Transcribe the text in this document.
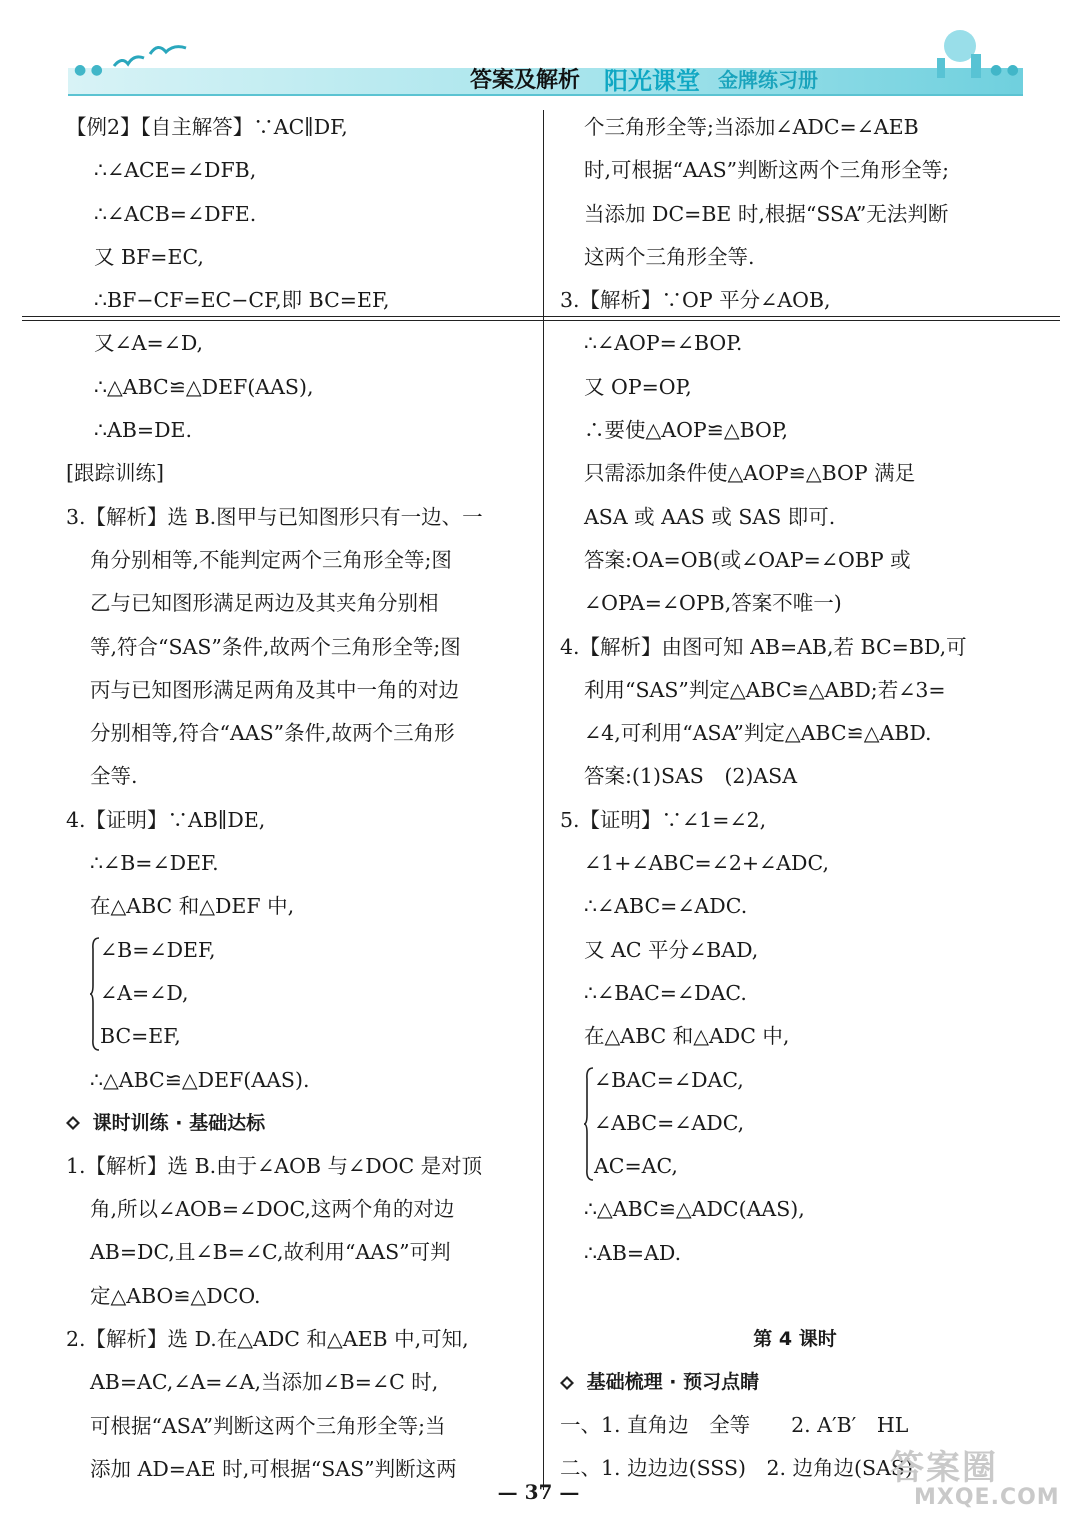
● ●	● ●
答案及解析 阳光课堂 金牌练习册
【例2】【自主解答】∵AC∥DF,
∴∠ACE=∠DFB,
∴∠ACB=∠DFE.
又 BF=EC,
∴BF−CF=EC−CF,即 BC=EF,
又∠A=∠D,
∴△ABC≌△DEF(AAS),
∴AB=DE.
[跟踪训练]
3.【解析】选 B.图甲与已知图形只有一边、一
角分别相等,不能判定两个三角形全等;图
乙与已知图形满足两边及其夹角分别相
等,符合“SAS”条件,故两个三角形全等;图
丙与已知图形满足两角及其中一角的对边
分别相等,符合“AAS”条件,故两个三角形
全等.
4.【证明】∵AB∥DE,
∴∠B=∠DEF.
在△ABC 和△DEF 中,
∠B=∠DEF,
∠A=∠D,
BC=EF,
∴△ABC≌△DEF(AAS).
课时训练 · 基础达标
1.【解析】选 B.由于∠AOB 与∠DOC 是对顶
角,所以∠AOB=∠DOC,这两个角的对边
AB=DC,且∠B=∠C,故利用“AAS”可判
定△ABO≌△DCO.
2.【解析】选 D.在△ADC 和△AEB 中,可知,
AB=AC,∠A=∠A,当添加∠B=∠C 时,
可根据“ASA”判断这两个三角形全等;当
添加 AD=AE 时,可根据“SAS”判断这两
个三角形全等;当添加∠ADC=∠AEB
时,可根据“AAS”判断这两个三角形全等;
当添加 DC=BE 时,根据“SSA”无法判断
这两个三角形全等.
3.【解析】∵OP 平分∠AOB,
∴∠AOP=∠BOP.
又 OP=OP,
∴要使△AOP≌△BOP,
只需添加条件使△AOP≌△BOP 满足
ASA 或 AAS 或 SAS 即可.
答案:OA=OB(或∠OAP=∠OBP 或
∠OPA=∠OPB,答案不唯一)
4.【解析】由图可知 AB=AB,若 BC=BD,可
利用“SAS”判定△ABC≌△ABD;若∠3=
∠4,可利用“ASA”判定△ABC≌△ABD.
答案:(1)SAS　(2)ASA
5.【证明】∵∠1=∠2,
∠1+∠ABC=∠2+∠ADC,
∴∠ABC=∠ADC.
又 AC 平分∠BAD,
∴∠BAC=∠DAC.
在△ABC 和△ADC 中,
∠BAC=∠DAC,
∠ABC=∠ADC,
AC=AC,
∴△ABC≌△ADC(AAS),
∴AB=AD.
第 4 课时
基础梳理 · 预习点睛
一、1. 直角边　全等　　2. A′B′　HL
二、1. 边边边(SSS)　2. 边角边(SAS)
— 37 —
答案圈
MXQE.COM
